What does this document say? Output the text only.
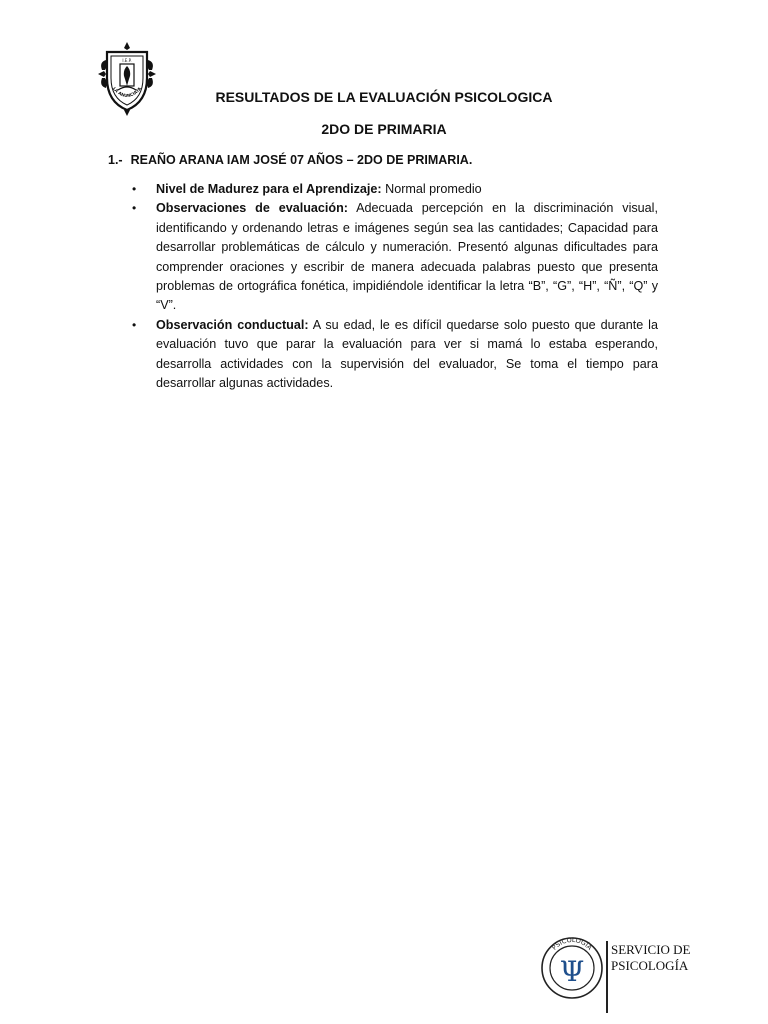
I.E.P.
LA ANUNCIATA
RESULTADOS DE LA EVALUACIÓN PSICOLOGICA
2DO DE PRIMARIA

1.- REAÑO ARANA IAM JOSÉ 07 AÑOS – 2DO DE PRIMARIA.

• Nivel de Madurez para el Aprendizaje: Normal promedio
• Observaciones de evaluación: Adecuada percepción en la discriminación visual, identificando y ordenando letras e imágenes según sea las cantidades; Capacidad para desarrollar problemáticas de cálculo y numeración. Presentó algunas dificultades para comprender oraciones y escribir de manera adecuada palabras puesto que presenta problemas de ortográfica fonética, impidiéndole identificar la letra “B”, “G”, “H”, “Ñ”, “Q” y “V”.
• Observación conductual: A su edad, le es difícil quedarse solo puesto que durante la evaluación tuvo que parar la evaluación para ver si mamá lo estaba esperando, desarrolla actividades con la supervisión del evaluador, Se toma el tiempo para desarrollar algunas actividades.
PSICOLOGÍA
Ψ
SERVICIO DE PSICOLOGÍA
